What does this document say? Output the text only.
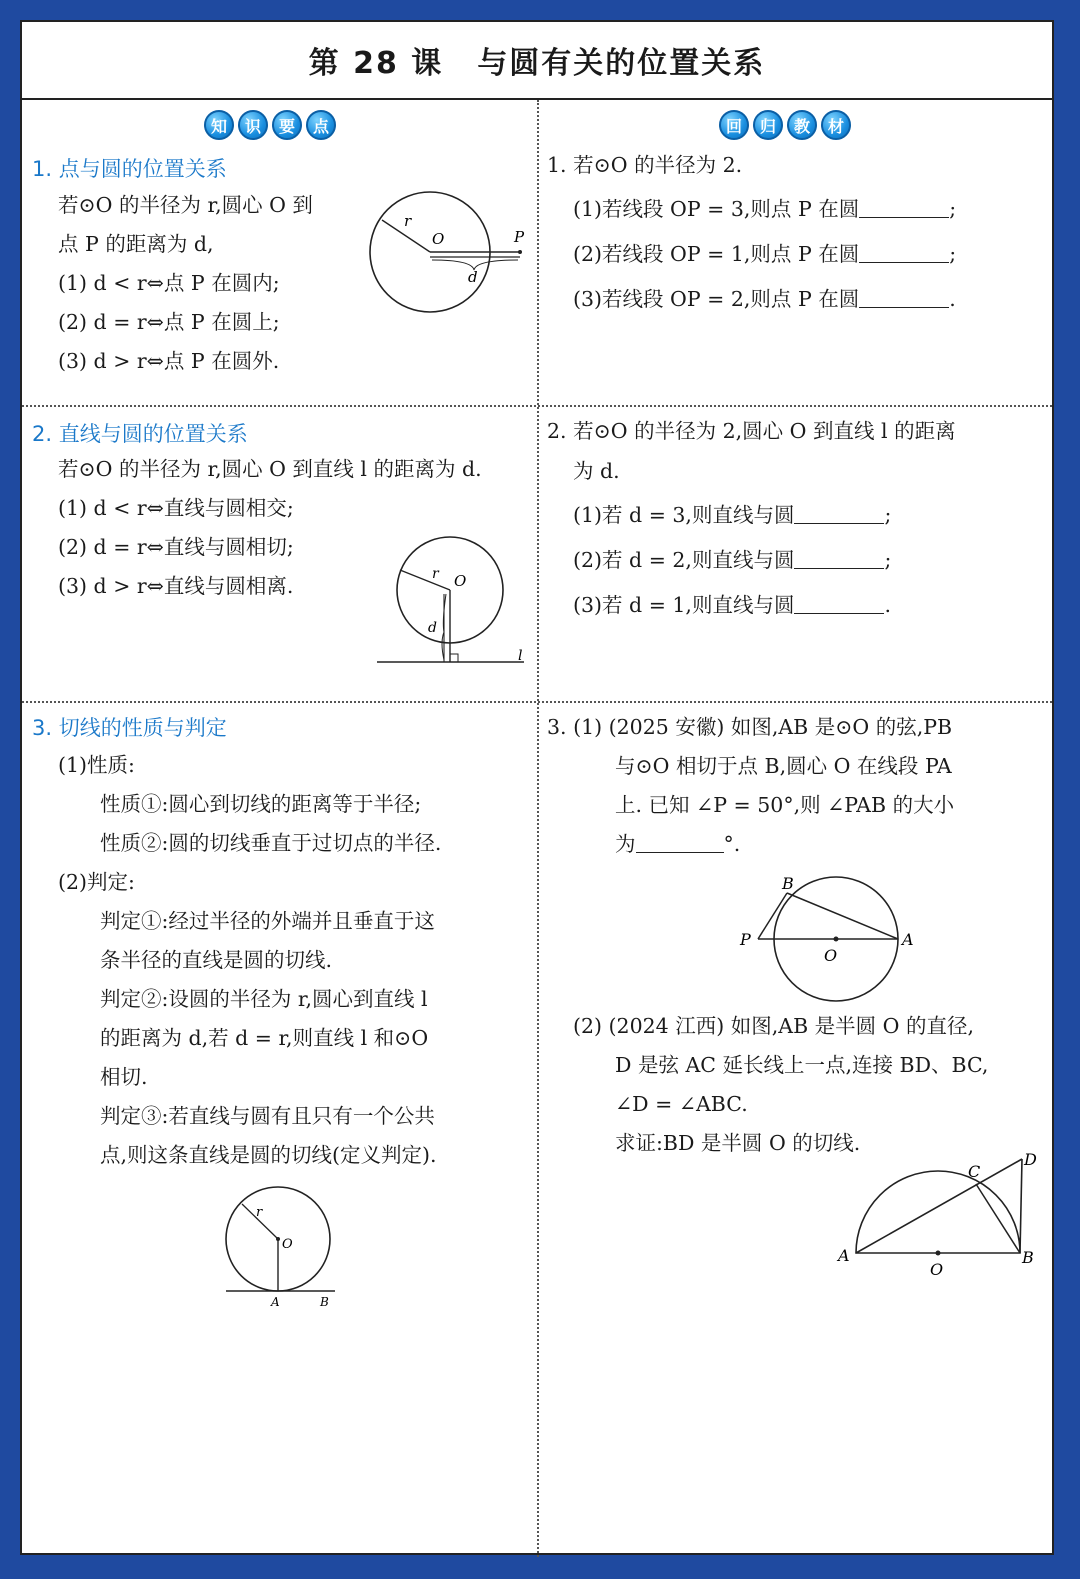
第 28 课 与圆有关的位置关系
知	识	要	点	回	归	教	材
1. 点与圆的位置关系
若⊙O 的半径为 r,圆心 O 到
点 P 的距离为 d,
(1) d < r⇔点 P 在圆内;
(2) d = r⇔点 P 在圆上;
(3) d > r⇔点 P 在圆外.
r
O	P
d
2. 直线与圆的位置关系
若⊙O 的半径为 r,圆心 O 到直线 l 的距离为 d.
(1) d < r⇔直线与圆相交;
(2) d = r⇔直线与圆相切;
(3) d > r⇔直线与圆相离.	r O
d
l
3. 切线的性质与判定
(1)性质:
性质①:圆心到切线的距离等于半径;
性质②:圆的切线垂直于过切点的半径.
(2)判定:
判定①:经过半径的外端并且垂直于这
条半径的直线是圆的切线.
判定②:设圆的半径为 r,圆心到直线 l
的距离为 d,若 d = r,则直线 l 和⊙O
相切.
判定③:若直线与圆有且只有一个公共
点,则这条直线是圆的切线(定义判定).
r
O
A	B
1. 若⊙O 的半径为 2.
(1)若线段 OP = 3,则点 P 在圆	;
(2)若线段 OP = 1,则点 P 在圆	;
(3)若线段 OP = 2,则点 P 在圆	.
2. 若⊙O 的半径为 2,圆心 O 到直线 l 的距离
为 d.
(1)若 d = 3,则直线与圆	;
(2)若 d = 2,则直线与圆	;
(3)若 d = 1,则直线与圆	.
3. (1) (2025 安徽) 如图,AB 是⊙O 的弦,PB
与⊙O 相切于点 B,圆心 O 在线段 PA
上. 已知 ∠P = 50°,则 ∠PAB 的大小
为	°.
B
P
O
A
(2) (2024 江西) 如图,AB 是半圆 O 的直径,
D 是弦 AC 延长线上一点,连接 BD、BC,
∠D = ∠ABC.
求证:BD 是半圆 O 的切线.
C
D
A
O
B
